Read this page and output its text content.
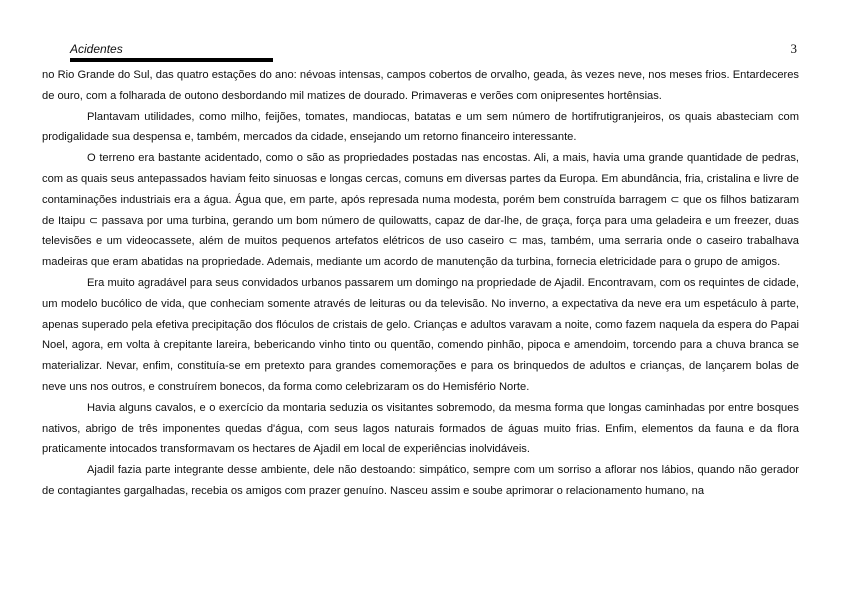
Acidentes	3

no Rio Grande do Sul, das quatro estações do ano: névoas intensas, campos cobertos de orvalho, geada, às vezes neve, nos meses frios. Entardeceres de ouro, com a folharada de outono desbordando mil matizes de dourado. Primaveras e verões com onipresentes hortênsias.

Plantavam utilidades, como milho, feijões, tomates, mandiocas, batatas e um sem número de hortifrutigranjeiros, os quais abasteciam com prodigalidade sua despensa e, também, mercados da cidade, ensejando um retorno financeiro interessante.

O terreno era bastante acidentado, como o são as propriedades postadas nas encostas. Ali, a mais, havia uma grande quantidade de pedras, com as quais seus antepassados haviam feito sinuosas e longas cercas, comuns em diversas partes da Europa. Em abundância, fria, cristalina e livre de contaminações industriais era a água. Água que, em parte, após represada numa modesta, porém bem construída barragem ⊂ que os filhos batizaram de Itaipu ⊂ passava por uma turbina, gerando um bom número de quilowatts, capaz de dar-lhe, de graça, força para uma geladeira e um freezer, duas televisões e um videocassete, além de muitos pequenos artefatos elétricos de uso caseiro ⊂ mas, também, uma serraria onde o caseiro trabalhava madeiras que eram abatidas na propriedade. Ademais, mediante um acordo de manutenção da turbina, fornecia eletricidade para o grupo de amigos.

Era muito agradável para seus convidados urbanos passarem um domingo na propriedade de Ajadil. Encontravam, com os requintes de cidade, um modelo bucólico de vida, que conheciam somente através de leituras ou da televisão. No inverno, a expectativa da neve era um espetáculo à parte, apenas superado pela efetiva precipitação dos flóculos de cristais de gelo. Crianças e adultos varavam a noite, como fazem naquela da espera do Papai Noel, agora, em volta à crepitante lareira, bebericando vinho tinto ou quentão, comendo pinhão, pipoca e amendoim, torcendo para a chuva branca se materializar. Nevar, enfim, constituía-se em pretexto para grandes comemorações e para os brinquedos de adultos e crianças, de lançarem bolas de neve uns nos outros, e construírem bonecos, da forma como celebrizaram os do Hemisfério Norte.

Havia alguns cavalos, e o exercício da montaria seduzia os visitantes sobremodo, da mesma forma que longas caminhadas por entre bosques nativos, abrigo de três imponentes quedas d'água, com seus lagos naturais formados de águas muito frias. Enfim, elementos da fauna e da flora praticamente intocados transformavam os hectares de Ajadil em local de experiências inolvidáveis.

Ajadil fazia parte integrante desse ambiente, dele não destoando: simpático, sempre com um sorriso a aflorar nos lábios, quando não gerador de contagiantes gargalhadas, recebia os amigos com prazer genuíno. Nasceu assim e soube aprimorar o relacionamento humano, na
